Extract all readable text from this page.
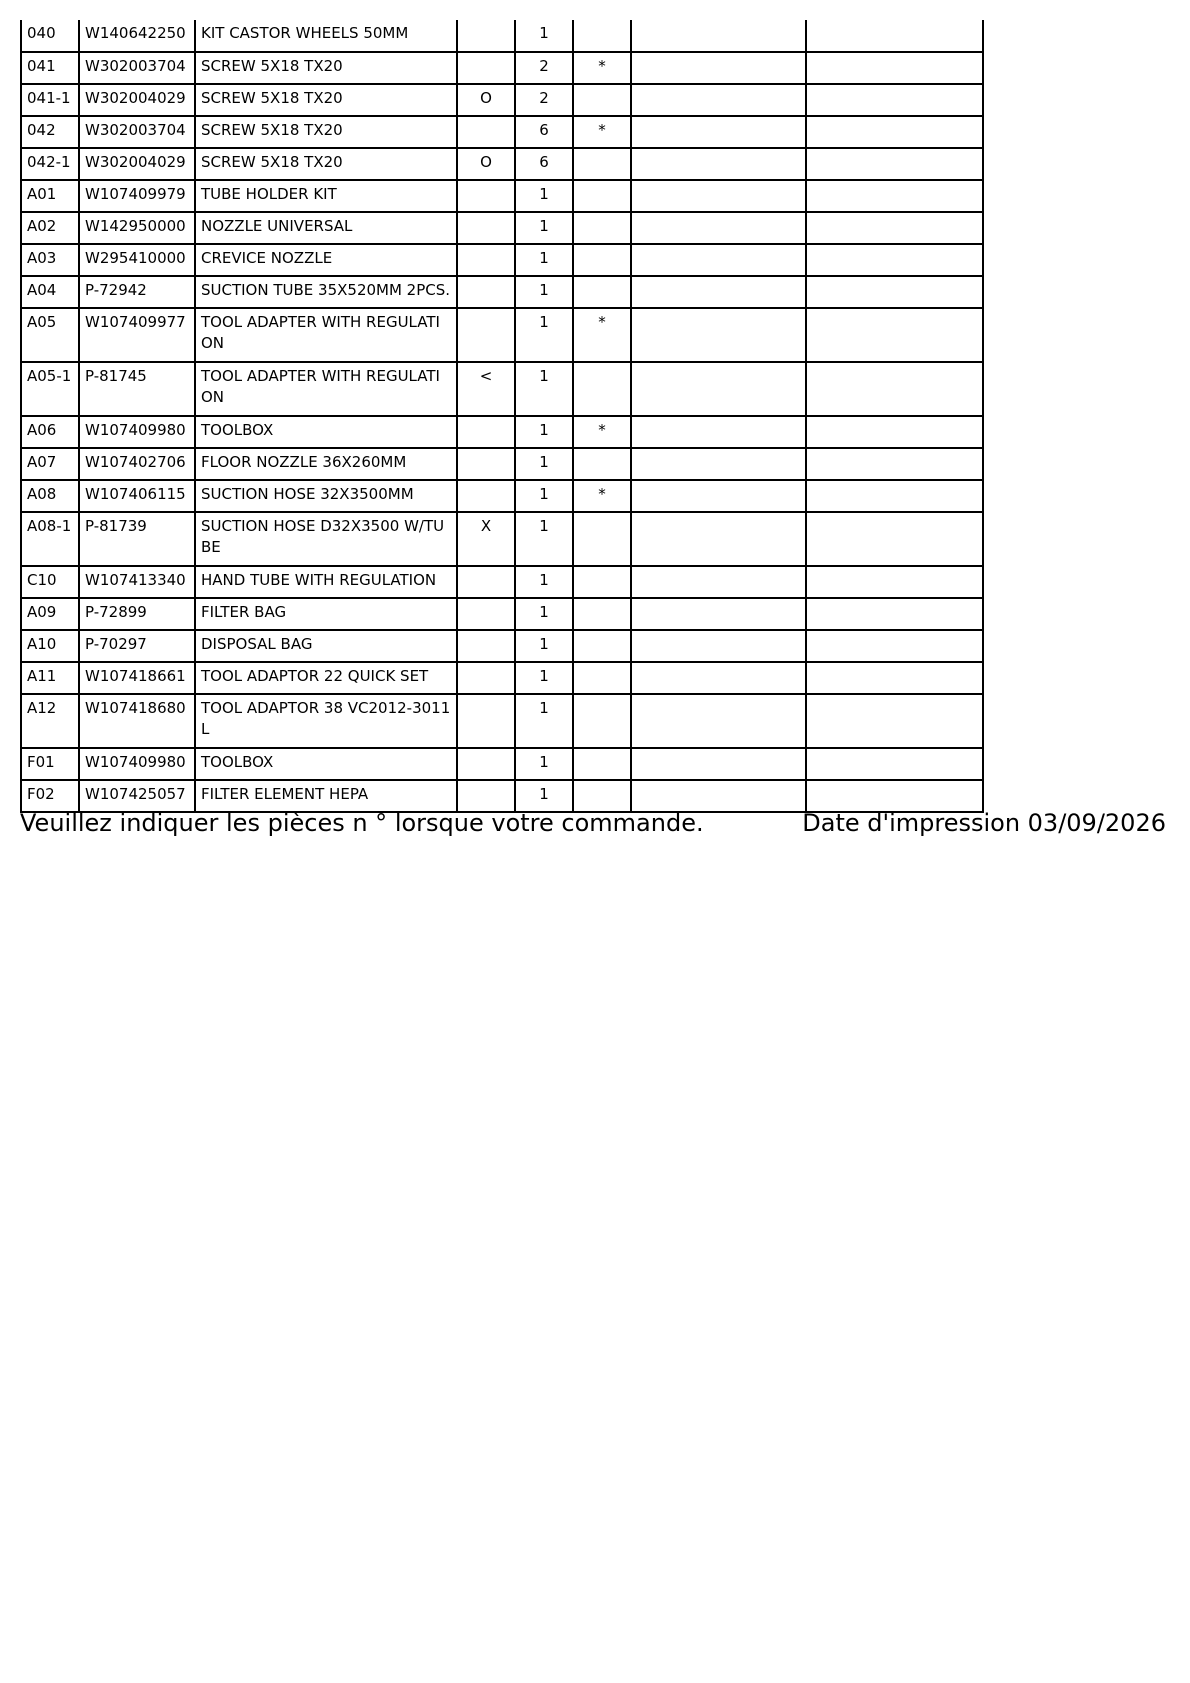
040	W140642250	KIT CASTOR WHEELS 50MM		1			
041	W302003704	SCREW 5X18 TX20		2	*		
041-1	W302004029	SCREW 5X18 TX20	O	2			
042	W302003704	SCREW 5X18 TX20		6	*		
042-1	W302004029	SCREW 5X18 TX20	O	6			
A01	W107409979	TUBE HOLDER KIT		1			
A02	W142950000	NOZZLE UNIVERSAL		1			
A03	W295410000	CREVICE NOZZLE		1			
A04	P-72942	SUCTION TUBE 35X520MM 2PCS.		1			
A05	W107409977	TOOL ADAPTER WITH REGULATI ON		1	*		
A05-1	P-81745	TOOL ADAPTER WITH REGULATI ON	<	1			
A06	W107409980	TOOLBOX		1	*		
A07	W107402706	FLOOR NOZZLE 36X260MM		1			
A08	W107406115	SUCTION HOSE 32X3500MM		1	*		
A08-1	P-81739	SUCTION HOSE D32X3500 W/TU BE	X	1			
C10	W107413340	HAND TUBE WITH REGULATION		1			
A09	P-72899	FILTER BAG		1			
A10	P-70297	DISPOSAL BAG		1			
A11	W107418661	TOOL ADAPTOR 22 QUICK SET		1			
A12	W107418680	TOOL ADAPTOR 38 VC2012-3011 L		1			
F01	W107409980	TOOLBOX		1			
F02	W107425057	FILTER ELEMENT HEPA		1			
Veuillez indiquer les pièces n ° lorsque votre commande.	Date d'impression 03/09/2026
